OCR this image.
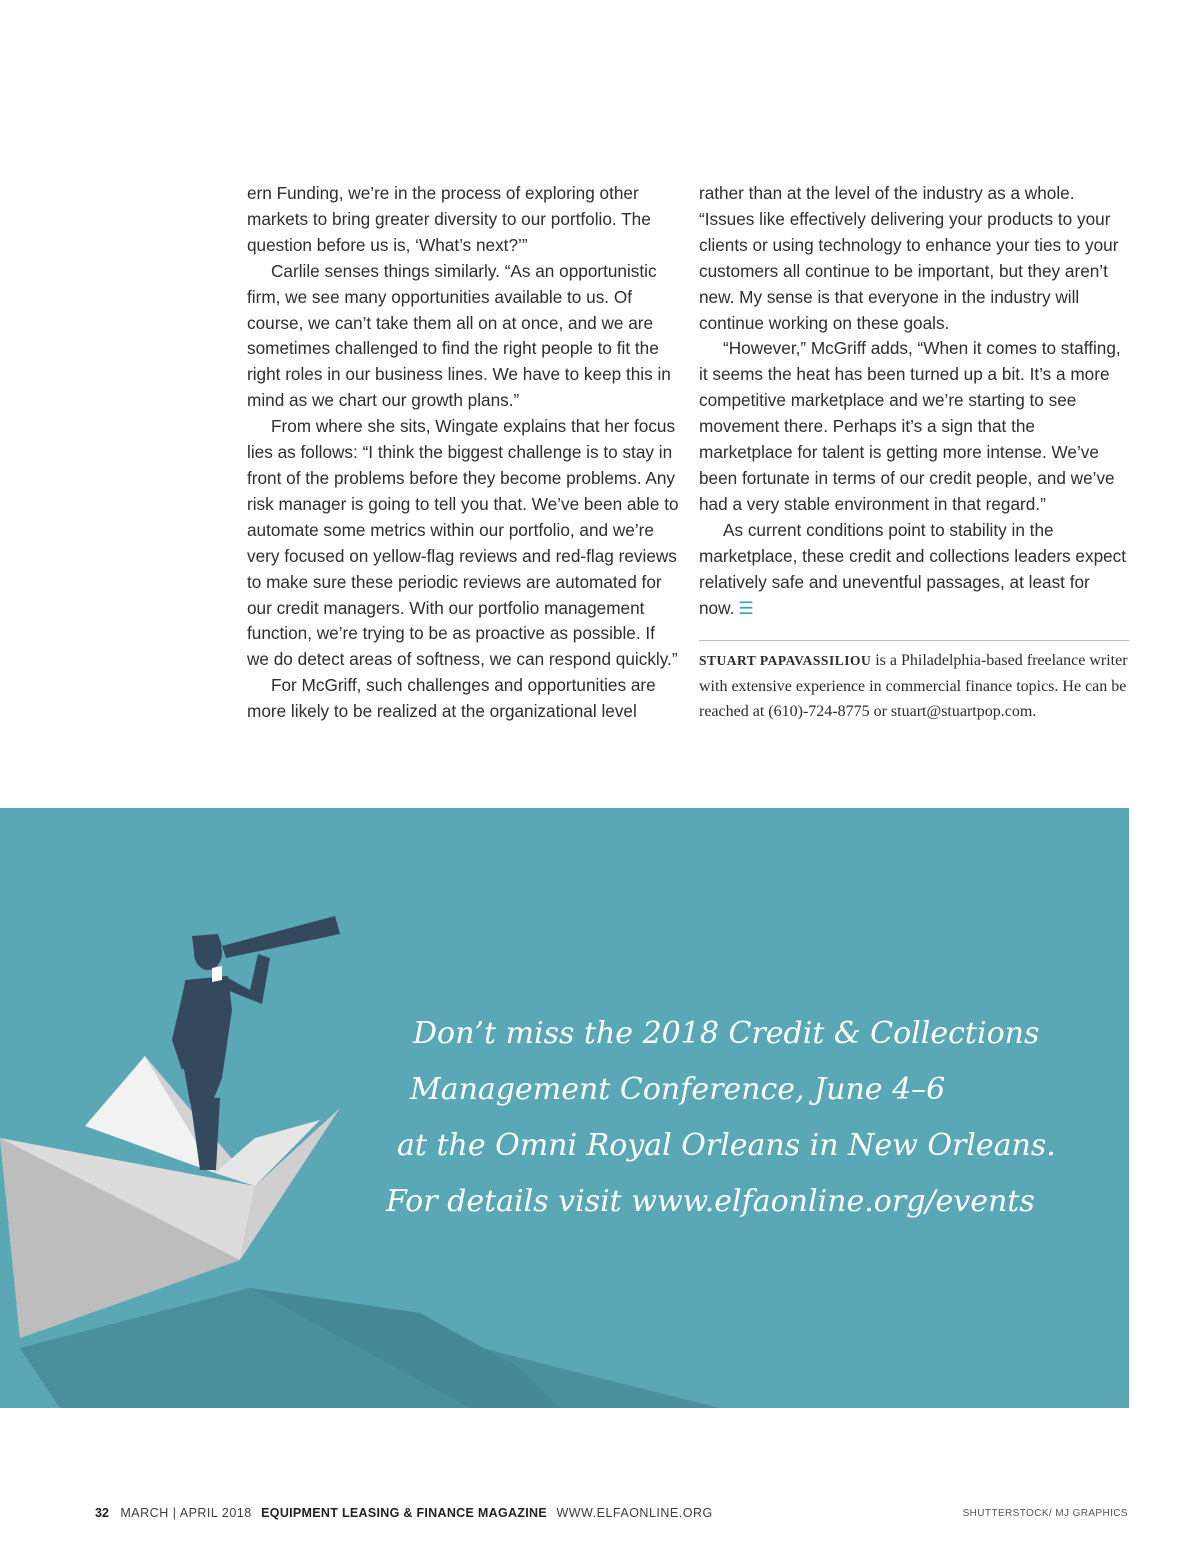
ern Funding, we’re in the process of exploring other markets to bring greater diversity to our portfolio. The question before us is, ‘What’s next?’”

Carlile senses things similarly. “As an opportunistic firm, we see many opportunities available to us. Of course, we can’t take them all on at once, and we are sometimes challenged to find the right people to fit the right roles in our business lines. We have to keep this in mind as we chart our growth plans.”

From where she sits, Wingate explains that her focus lies as follows: “I think the biggest challenge is to stay in front of the problems before they become problems. Any risk manager is going to tell you that. We’ve been able to automate some metrics within our portfolio, and we’re very focused on yellow-flag reviews and red-flag reviews to make sure these periodic reviews are automated for our credit managers. With our portfolio management function, we’re trying to be as proactive as possible. If we do detect areas of softness, we can respond quickly.”

For McGriff, such challenges and opportunities are more likely to be realized at the organizational level

rather than at the level of the industry as a whole. “Issues like effectively delivering your products to your clients or using technology to enhance your ties to your customers all continue to be important, but they aren’t new. My sense is that everyone in the industry will continue working on these goals.

“However,” McGriff adds, “When it comes to staffing, it seems the heat has been turned up a bit. It’s a more competitive marketplace and we’re starting to see movement there. Perhaps it’s a sign that the marketplace for talent is getting more intense. We’ve been fortunate in terms of our credit people, and we’ve had a very stable environment in that regard.”

As current conditions point to stability in the marketplace, these credit and collections leaders expect relatively safe and uneventful passages, at least for now. ☰

STUART PAPAVASSILIOU is a Philadelphia-based freelance writer with extensive experience in commercial finance topics. He can be reached at (610)-724-8775 or stuart@stuartpop.com.
Don’t miss the 2018 Credit & Collections
Management Conference, June 4–6
at the Omni Royal Orleans in New Orleans.
For details visit www.elfaonline.org/events
32 MARCH | APRIL 2018 EQUIPMENT LEASING & FINANCE MAGAZINE WWW.ELFAONLINE.ORG	SHUTTERSTOCK/ MJ GRAPHICS
